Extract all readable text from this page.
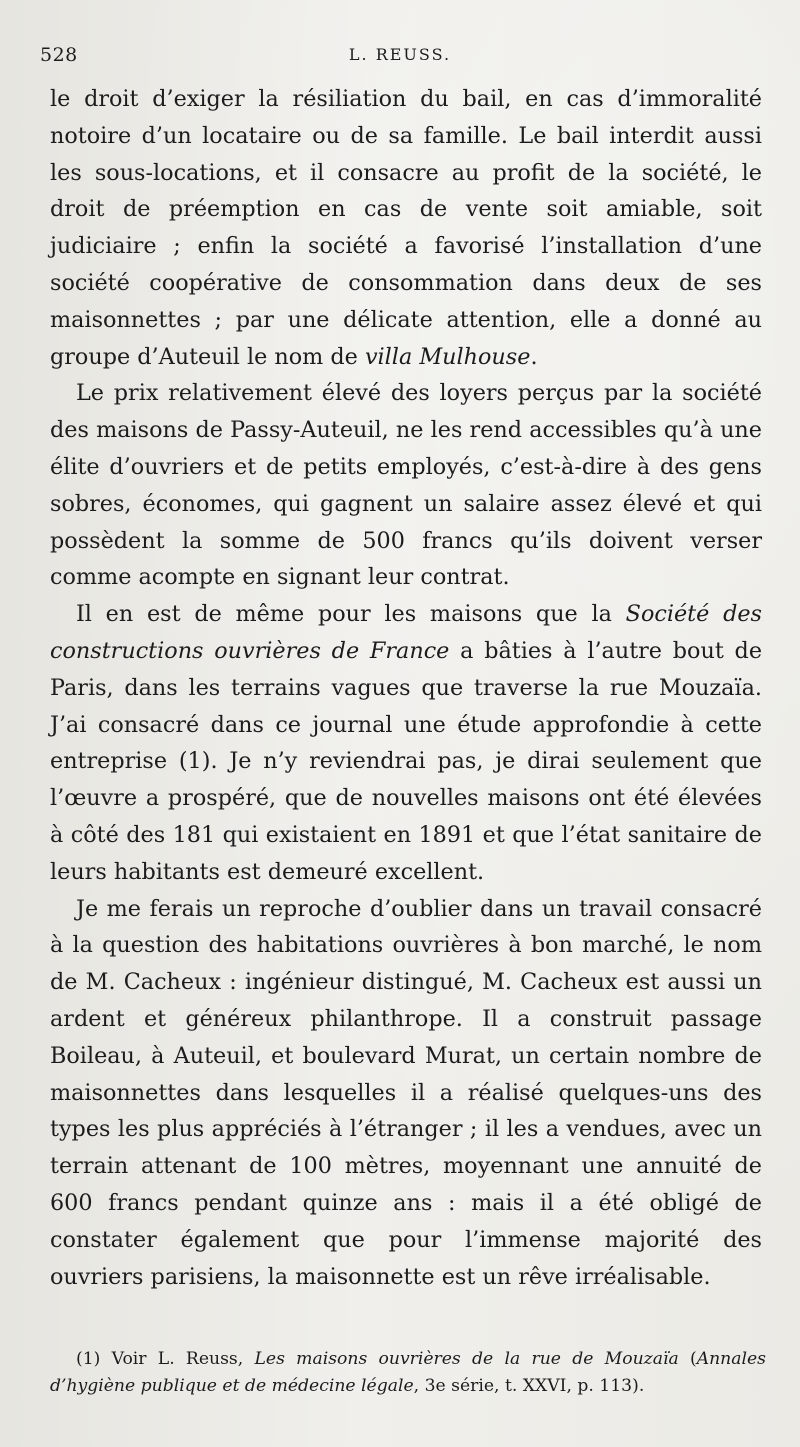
528	L. REUSS.

le droit d’exiger la résiliation du bail, en cas d’immoralité notoire d’un locataire ou de sa famille. Le bail interdit aussi les sous-locations, et il consacre au profit de la société, le droit de préemption en cas de vente soit amiable, soit judiciaire ; enfin la société a favorisé l’installation d’une société coopérative de consommation dans deux de ses maisonnettes ; par une délicate attention, elle a donné au groupe d’Auteuil le nom de villa Mulhouse.

Le prix relativement élevé des loyers perçus par la société des maisons de Passy-Auteuil, ne les rend accessibles qu’à une élite d’ouvriers et de petits employés, c’est-à-dire à des gens sobres, économes, qui gagnent un salaire assez élevé et qui possèdent la somme de 500 francs qu’ils doivent verser comme acompte en signant leur contrat.

Il en est de même pour les maisons que la Société des constructions ouvrières de France a bâties à l’autre bout de Paris, dans les terrains vagues que traverse la rue Mouzaïa. J’ai consacré dans ce journal une étude approfondie à cette entreprise (1). Je n’y reviendrai pas, je dirai seulement que l’œuvre a prospéré, que de nouvelles maisons ont été élevées à côté des 181 qui existaient en 1891 et que l’état sanitaire de leurs habitants est demeuré excellent.

Je me ferais un reproche d’oublier dans un travail consacré à la question des habitations ouvrières à bon marché, le nom de M. Cacheux : ingénieur distingué, M. Cacheux est aussi un ardent et généreux philanthrope. Il a construit passage Boileau, à Auteuil, et boulevard Murat, un certain nombre de maisonnettes dans lesquelles il a réalisé quelques-uns des types les plus appréciés à l’étranger ; il les a vendues, avec un terrain attenant de 100 mètres, moyennant une annuité de 600 francs pendant quinze ans : mais il a été obligé de constater également que pour l’immense majorité des ouvriers parisiens, la maisonnette est un rêve irréalisable.

(1) Voir L. Reuss, Les maisons ouvrières de la rue de Mouzaïa (Annales d’hygiène publique et de médecine légale, 3e série, t. XXVI, p. 113).
